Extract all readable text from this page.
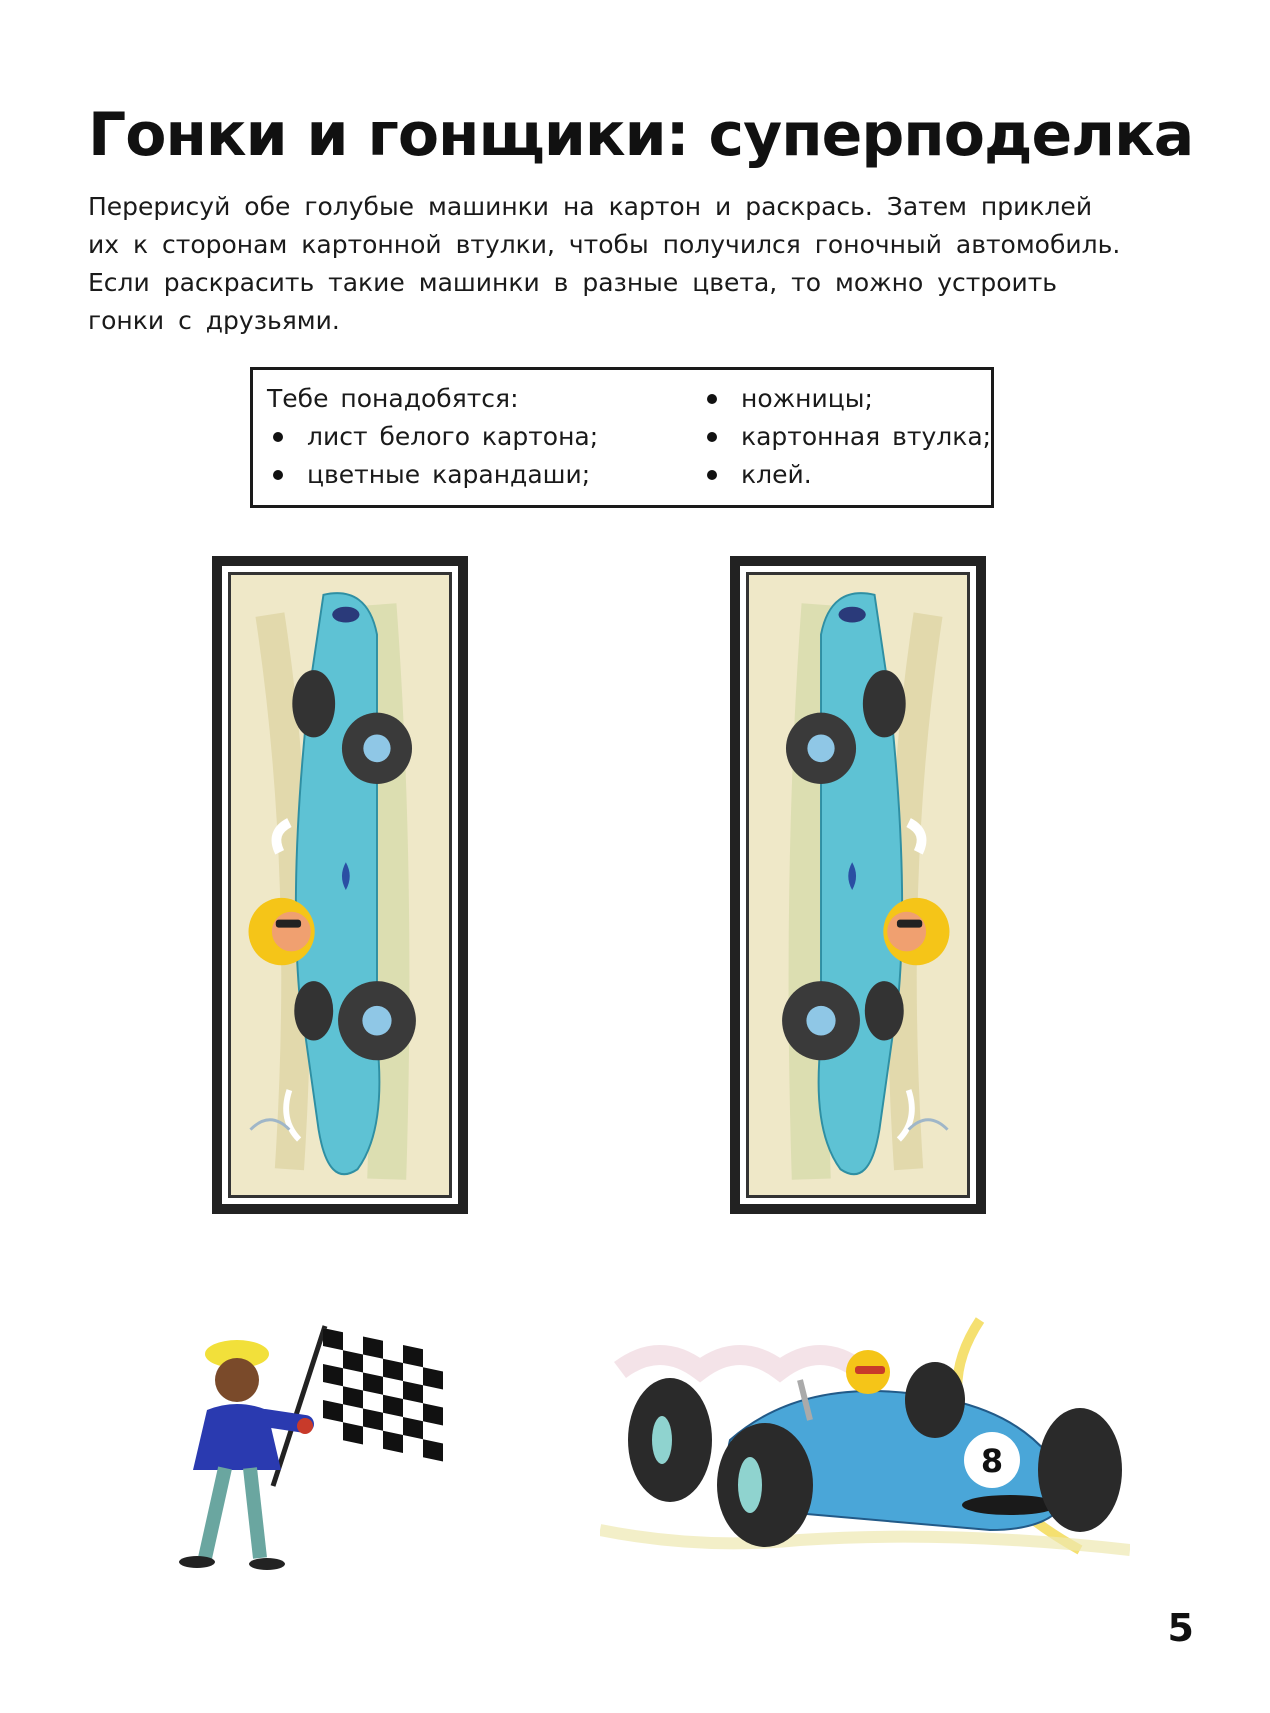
Гонки и гонщики: суперподелка
Перерисуй обе голубые машинки на картон и раскрась. Затем приклей
их к сторонам картонной втулки, чтобы получился гоночный автомобиль.
Если раскрасить такие машинки в разные цвета, то можно устроить
гонки с друзьями.
Тебе понадобятся:
лист белого картона;
цветные карандаши;
ножницы;
картонная втулка;
клей.
8
5
